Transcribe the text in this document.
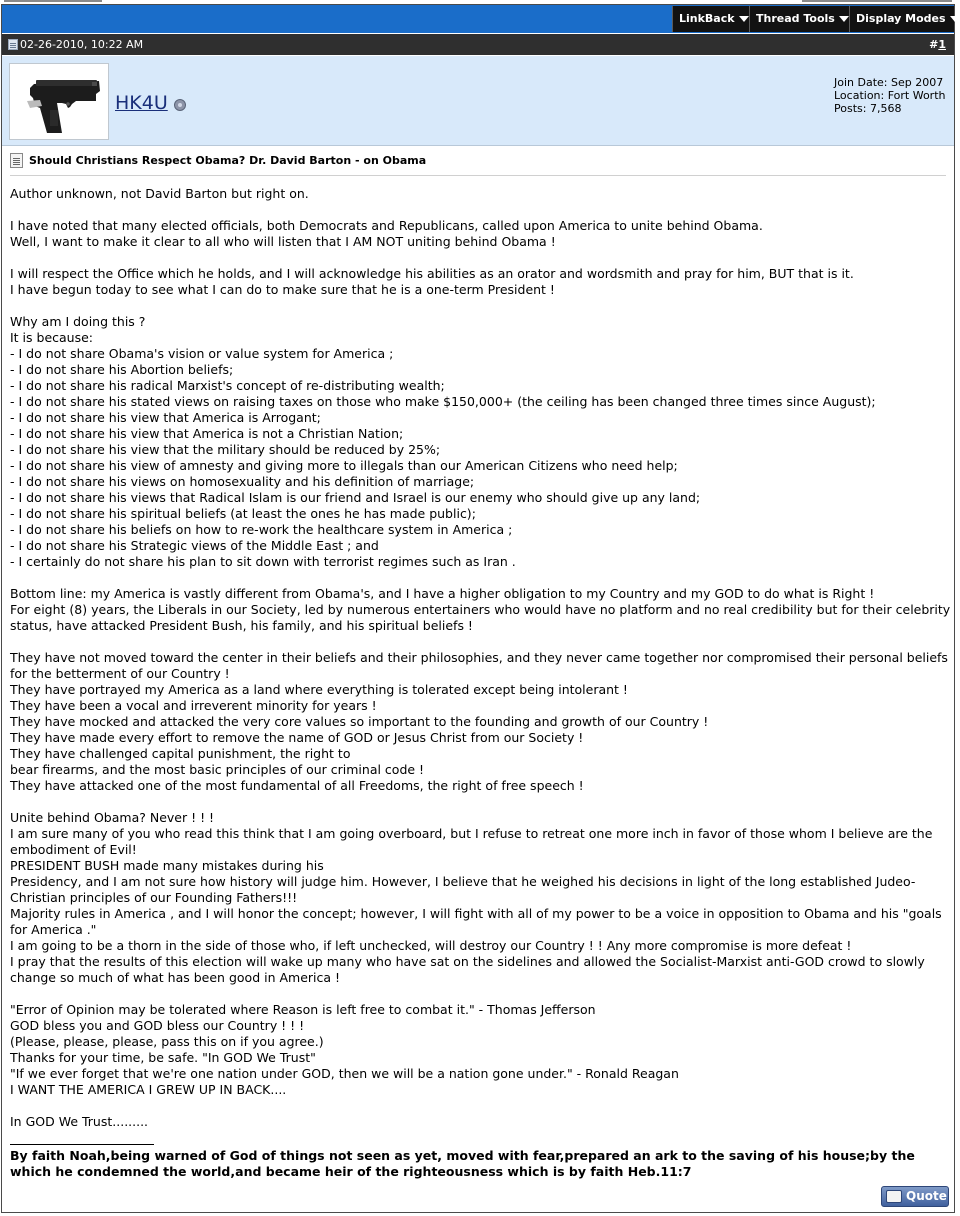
LinkBack	Thread Tools	Display Modes
02-26-2010, 10:22 AM	#1
HK4U
Join Date: Sep 2007
Location: Fort Worth
Posts: 7,568
Should Christians Respect Obama? Dr. David Barton - on Obama
Author unknown, not David Barton but right on.
I have noted that many elected officials, both Democrats and Republicans, called upon America to unite behind Obama.
Well, I want to make it clear to all who will listen that I AM NOT uniting behind Obama !
I will respect the Office which he holds, and I will acknowledge his abilities as an orator and wordsmith and pray for him, BUT that is it.
I have begun today to see what I can do to make sure that he is a one-term President !
Why am I doing this ?
It is because:
- I do not share Obama's vision or value system for America ;
- I do not share his Abortion beliefs;
- I do not share his radical Marxist's concept of re-distributing wealth;
- I do not share his stated views on raising taxes on those who make $150,000+ (the ceiling has been changed three times since August);
- I do not share his view that America is Arrogant;
- I do not share his view that America is not a Christian Nation;
- I do not share his view that the military should be reduced by 25%;
- I do not share his view of amnesty and giving more to illegals than our American Citizens who need help;
- I do not share his views on homosexuality and his definition of marriage;
- I do not share his views that Radical Islam is our friend and Israel is our enemy who should give up any land;
- I do not share his spiritual beliefs (at least the ones he has made public);
- I do not share his beliefs on how to re-work the healthcare system in America ;
- I do not share his Strategic views of the Middle East ; and
- I certainly do not share his plan to sit down with terrorist regimes such as Iran .
Bottom line: my America is vastly different from Obama's, and I have a higher obligation to my Country and my GOD to do what is Right !
For eight (8) years, the Liberals in our Society, led by numerous entertainers who would have no platform and no real credibility but for their celebrity status, have attacked President Bush, his family, and his spiritual beliefs !
They have not moved toward the center in their beliefs and their philosophies, and they never came together nor compromised their personal beliefs for the betterment of our Country !
They have portrayed my America as a land where everything is tolerated except being intolerant !
They have been a vocal and irreverent minority for years !
They have mocked and attacked the very core values so important to the founding and growth of our Country !
They have made every effort to remove the name of GOD or Jesus Christ from our Society !
They have challenged capital punishment, the right to
bear firearms, and the most basic principles of our criminal code !
They have attacked one of the most fundamental of all Freedoms, the right of free speech !
Unite behind Obama? Never ! ! !
I am sure many of you who read this think that I am going overboard, but I refuse to retreat one more inch in favor of those whom I believe are the embodiment of Evil!
PRESIDENT BUSH made many mistakes during his
Presidency, and I am not sure how history will judge him. However, I believe that he weighed his decisions in light of the long established Judeo-Christian principles of our Founding Fathers!!!
Majority rules in America , and I will honor the concept; however, I will fight with all of my power to be a voice in opposition to Obama and his "goals for America ."
I am going to be a thorn in the side of those who, if left unchecked, will destroy our Country ! ! Any more compromise is more defeat !
I pray that the results of this election will wake up many who have sat on the sidelines and allowed the Socialist-Marxist anti-GOD crowd to slowly change so much of what has been good in America !
"Error of Opinion may be tolerated where Reason is left free to combat it." - Thomas Jefferson
GOD bless you and GOD bless our Country ! ! !
(Please, please, please, pass this on if you agree.)
Thanks for your time, be safe. "In GOD We Trust"
"If we ever forget that we're one nation under GOD, then we will be a nation gone under." - Ronald Reagan
I WANT THE AMERICA I GREW UP IN BACK....
In GOD We Trust.........
By faith Noah,being warned of God of things not seen as yet, moved with fear,prepared an ark to the saving of his house;by the which he condemned the world,and became heir of the righteousness which is by faith Heb.11:7
Quote
